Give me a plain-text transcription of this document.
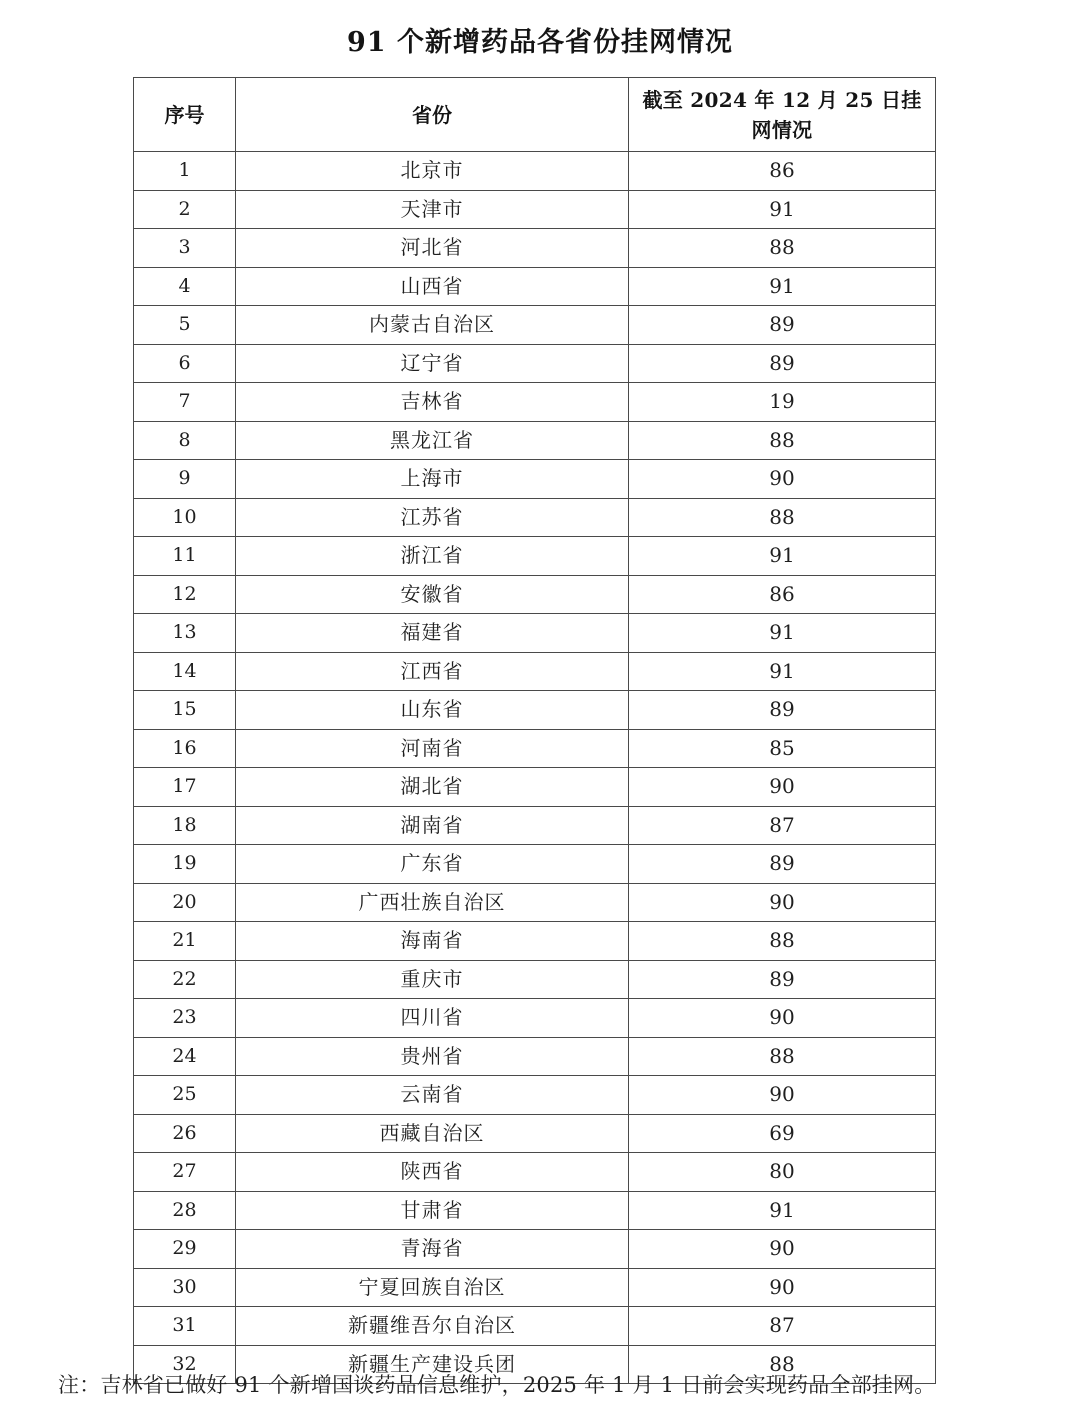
91 个新增药品各省份挂网情况
序号	省份	截至 2024 年 12 月 25 日挂网情况
1	北京市	86
2	天津市	91
3	河北省	88
4	山西省	91
5	内蒙古自治区	89
6	辽宁省	89
7	吉林省	19
8	黑龙江省	88
9	上海市	90
10	江苏省	88
11	浙江省	91
12	安徽省	86
13	福建省	91
14	江西省	91
15	山东省	89
16	河南省	85
17	湖北省	90
18	湖南省	87
19	广东省	89
20	广西壮族自治区	90
21	海南省	88
22	重庆市	89
23	四川省	90
24	贵州省	88
25	云南省	90
26	西藏自治区	69
27	陕西省	80
28	甘肃省	91
29	青海省	90
30	宁夏回族自治区	90
31	新疆维吾尔自治区	87
32	新疆生产建设兵团	88
注：吉林省已做好 91 个新增国谈药品信息维护，2025 年 1 月 1 日前会实现药品全部挂网。
